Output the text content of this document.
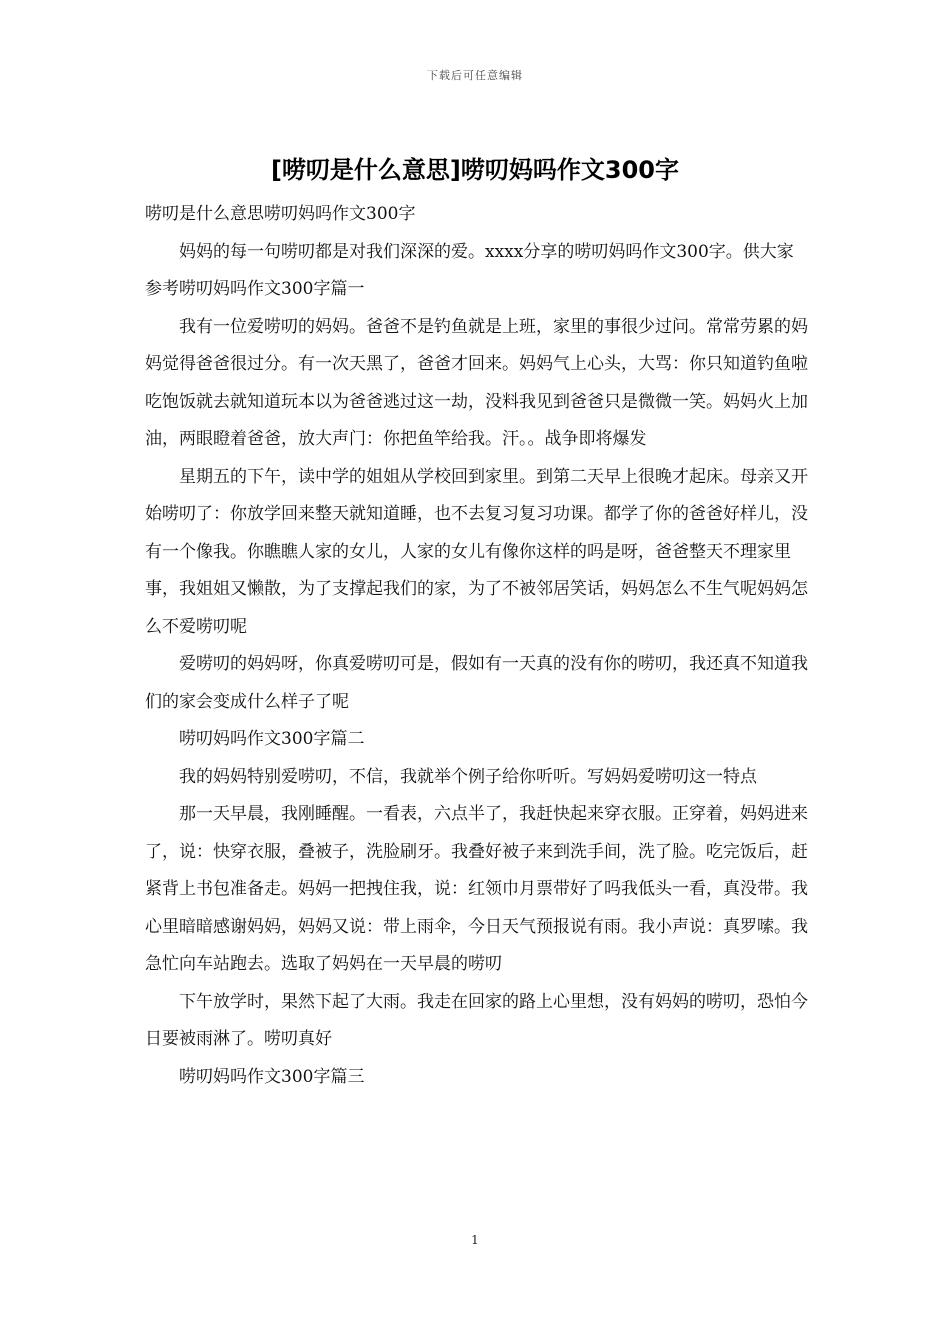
下载后可任意编辑
[唠叨是什么意思]唠叨妈吗作文300字

唠叨是什么意思唠叨妈吗作文300字

妈妈的每一句唠叨都是对我们深深的爱。xxxx分享的唠叨妈吗作文300字。供大家参考唠叨妈吗作文300字篇一

我有一位爱唠叨的妈妈。爸爸不是钓鱼就是上班，家里的事很少过问。常常劳累的妈妈觉得爸爸很过分。有一次天黑了，爸爸才回来。妈妈气上心头，大骂：你只知道钓鱼啦吃饱饭就去就知道玩本以为爸爸逃过这一劫，没料我见到爸爸只是微微一笑。妈妈火上加油，两眼瞪着爸爸，放大声门：你把鱼竿给我。汗。。战争即将爆发

星期五的下午，读中学的姐姐从学校回到家里。到第二天早上很晚才起床。母亲又开始唠叨了：你放学回来整天就知道睡，也不去复习复习功课。都学了你的爸爸好样儿，没有一个像我。你瞧瞧人家的女儿，人家的女儿有像你这样的吗是呀，爸爸整天不理家里事，我姐姐又懒散，为了支撑起我们的家，为了不被邻居笑话，妈妈怎么不生气呢妈妈怎么不爱唠叨呢

爱唠叨的妈妈呀，你真爱唠叨可是，假如有一天真的没有你的唠叨，我还真不知道我们的家会变成什么样子了呢

唠叨妈吗作文300字篇二

我的妈妈特别爱唠叨，不信，我就举个例子给你听听。写妈妈爱唠叨这一特点

那一天早晨，我刚睡醒。一看表，六点半了，我赶快起来穿衣服。正穿着，妈妈进来了，说：快穿衣服，叠被子，洗脸刷牙。我叠好被子来到洗手间，洗了脸。吃完饭后，赶紧背上书包准备走。妈妈一把拽住我，说：红领巾月票带好了吗我低头一看，真没带。我心里暗暗感谢妈妈，妈妈又说：带上雨伞，今日天气预报说有雨。我小声说：真罗嗦。我急忙向车站跑去。选取了妈妈在一天早晨的唠叨

下午放学时，果然下起了大雨。我走在回家的路上心里想，没有妈妈的唠叨，恐怕今日要被雨淋了。唠叨真好

唠叨妈吗作文300字篇三

1
